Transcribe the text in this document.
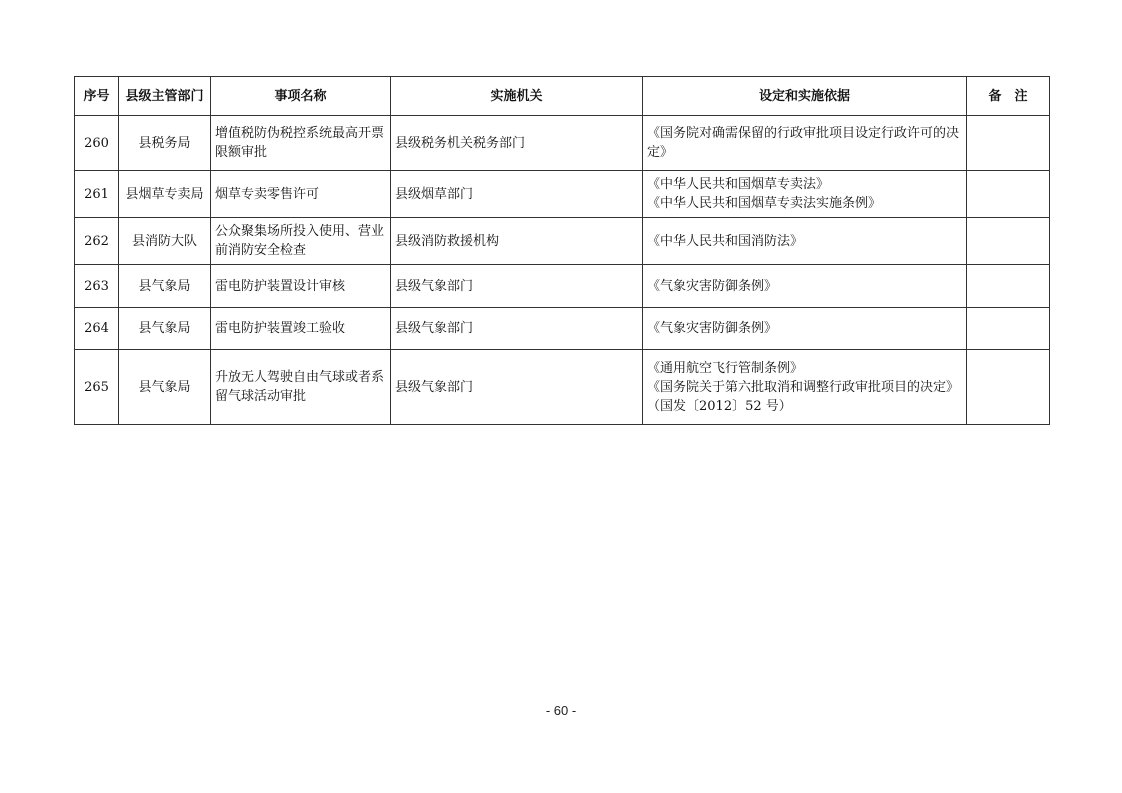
序号	县级主管部门	事项名称	实施机关	设定和实施依据	备　注
260	县税务局	增值税防伪税控系统最高开票限额审批	县级税务机关税务部门	《国务院对确需保留的行政审批项目设定行政许可的决定》	

261	县烟草专卖局	烟草专卖零售许可	县级烟草部门	《中华人民共和国烟草专卖法》
《中华人民共和国烟草专卖法实施条例》	

262	县消防大队	公众聚集场所投入使用、营业前消防安全检查	县级消防救援机构	《中华人民共和国消防法》	

263	县气象局	雷电防护装置设计审核	县级气象部门	《气象灾害防御条例》	

264	县气象局	雷电防护装置竣工验收	县级气象部门	《气象灾害防御条例》	

265	县气象局	升放无人驾驶自由气球或者系留气球活动审批	县级气象部门	《通用航空飞行管制条例》
《国务院关于第六批取消和调整行政审批项目的决定》（国发〔2012〕52 号）	

- 60 -
